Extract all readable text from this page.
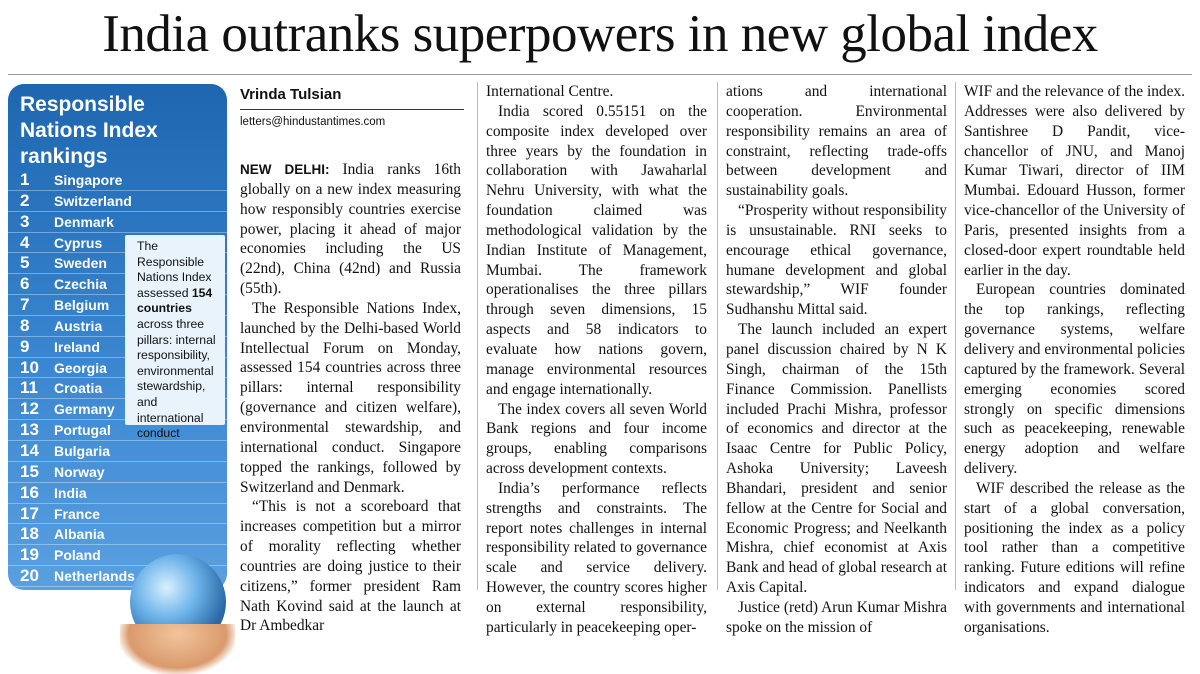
India outranks superpowers in new global index
Responsible Nations Index rankings
1	Singapore
2	Switzerland
3	Denmark
4	Cyprus
5	Sweden
6	Czechia
7	Belgium
8	Austria
9	Ireland
10	Georgia
11	Croatia
12	Germany
13	Portugal
14	Bulgaria
15	Norway
16	India
17	France
18	Albania
19	Poland
20	Netherlands
The Responsible Nations Index assessed 154 countries across three pillars: internal responsibility, environmental stewardship, and international conduct
Vrinda Tulsian
letters@hindustantimes.com

NEW DELHI: India ranks 16th globally on a new index measuring how responsibly countries exercise power, placing it ahead of major economies including the US (22nd), China (42nd) and Russia (55th).

The Responsible Nations Index, launched by the Delhi-based World Intellectual Forum on Monday, assessed 154 countries across three pillars: internal responsibility (governance and citizen welfare), environmental stewardship, and international conduct. Singapore topped the rankings, followed by Switzerland and Denmark.

“This is not a scoreboard that increases competition but a mirror of morality reflecting whether countries are doing justice to their citizens,” former president Ram Nath Kovind said at the launch at Dr Ambedkar

International Centre.

India scored 0.55151 on the composite index developed over three years by the foundation in collaboration with Jawaharlal Nehru University, with what the foundation claimed was methodological validation by the Indian Institute of Management, Mumbai. The framework operationalises the three pillars through seven dimensions, 15 aspects and 58 indicators to evaluate how nations govern, manage environmental resources and engage internationally.

The index covers all seven World Bank regions and four income groups, enabling comparisons across development contexts.

India’s performance reflects strengths and constraints. The report notes challenges in internal responsibility related to governance scale and service delivery. However, the country scores higher on external responsibility, particularly in peacekeeping oper-

ations and international cooperation. Environmental responsibility remains an area of constraint, reflecting trade-offs between development and sustainability goals.

“Prosperity without responsibility is unsustainable. RNI seeks to encourage ethical governance, humane development and global stewardship,” WIF founder Sudhanshu Mittal said.

The launch included an expert panel discussion chaired by N K Singh, chairman of the 15th Finance Commission. Panellists included Prachi Mishra, professor of economics and director at the Isaac Centre for Public Policy, Ashoka University; Laveesh Bhandari, president and senior fellow at the Centre for Social and Economic Progress; and Neelkanth Mishra, chief economist at Axis Bank and head of global research at Axis Capital.

Justice (retd) Arun Kumar Mishra spoke on the mission of

WIF and the relevance of the index. Addresses were also delivered by Santishree D Pandit, vice-chancellor of JNU, and Manoj Kumar Tiwari, director of IIM Mumbai. Edouard Husson, former vice-chancellor of the University of Paris, presented insights from a closed-door expert roundtable held earlier in the day.

European countries dominated the top rankings, reflecting governance systems, welfare delivery and environmental policies captured by the framework. Several emerging economies scored strongly on specific dimensions such as peacekeeping, renewable energy adoption and welfare delivery.

WIF described the release as the start of a global conversation, positioning the index as a policy tool rather than a competitive ranking. Future editions will refine indicators and expand dialogue with governments and international organisations.
